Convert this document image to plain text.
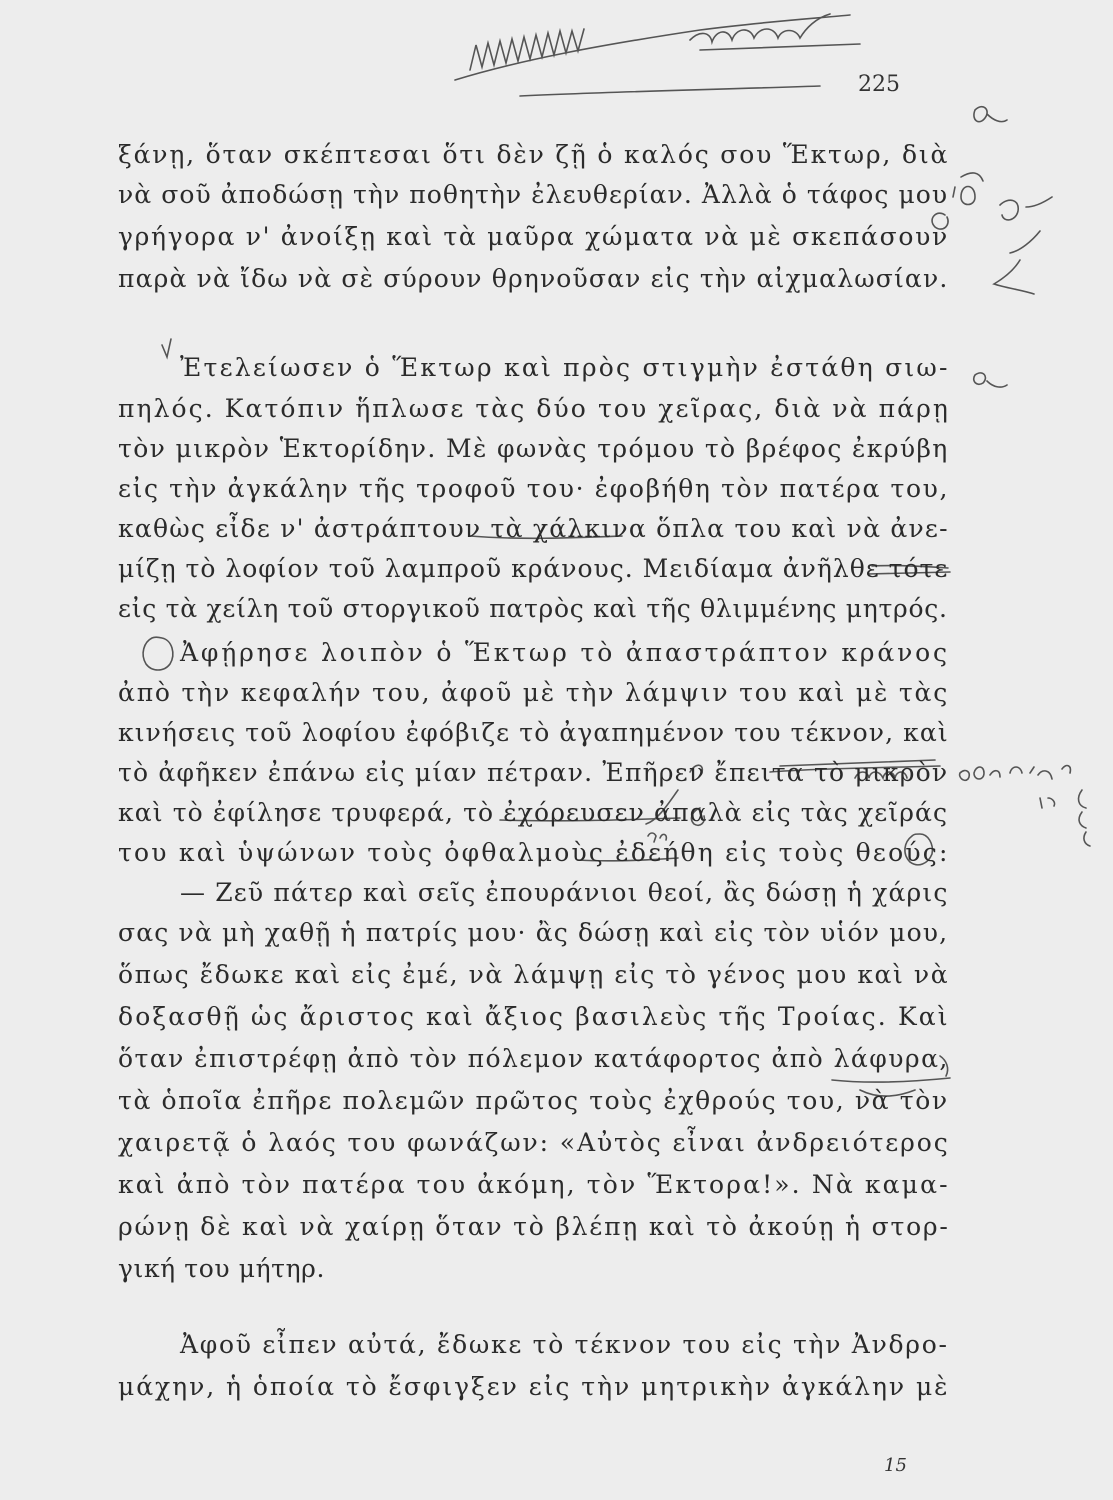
225
ξάνῃ, ὅταν σκέπτεσαι ὅτι δὲν ζῇ ὁ καλός σου Ἕκτωρ, διὰ
νὰ σοῦ ἀποδώσῃ τὴν ποθητὴν ἐλευθερίαν. Ἀλλὰ ὁ τάφος μου
γρήγορα ν' ἀνοίξῃ καὶ τὰ μαῦρα χώματα νὰ μὲ σκεπάσουν
παρὰ νὰ ἴδω νὰ σὲ σύρουν θρηνοῦσαν εἰς τὴν αἰχμαλωσίαν.
Ἐτελείωσεν ὁ Ἕκτωρ καὶ πρὸς στιγμὴν ἐστάθη σιω-
πηλός. Κατόπιν ἥπλωσε τὰς δύο του χεῖρας, διὰ νὰ πάρῃ
τὸν μικρὸν Ἑκτορίδην. Μὲ φωνὰς τρόμου τὸ βρέφος ἐκρύβη
εἰς τὴν ἀγκάλην τῆς τροφοῦ του· ἐφοβήθη τὸν πατέρα του,
καθὼς εἶδε ν' ἀστράπτουν τὰ χάλκινα ὅπλα του καὶ νὰ ἀνε-
μίζῃ τὸ λοφίον τοῦ λαμπροῦ κράνους. Μειδίαμα ἀνῆλθε τότε
εἰς τὰ χείλη τοῦ στοργικοῦ πατρὸς καὶ τῆς θλιμμένης μητρός.
Ἀφῄρησε λοιπὸν ὁ Ἕκτωρ τὸ ἀπαστράπτον κράνος
ἀπὸ τὴν κεφαλήν του, ἀφοῦ μὲ τὴν λάμψιν του καὶ μὲ τὰς
κινήσεις τοῦ λοφίου ἐφόβιζε τὸ ἀγαπημένον του τέκνον, καὶ
τὸ ἀφῆκεν ἐπάνω εἰς μίαν πέτραν. Ἐπῆρεν ἔπειτα τὸ μικρὸν
καὶ τὸ ἐφίλησε τρυφερά, τὸ ἐχόρευσεν ἀπαλὰ εἰς τὰς χεῖράς
του καὶ ὑψώνων τοὺς ὀφθαλμοὺς ἐδεήθη εἰς τοὺς θεούς:
— Ζεῦ πάτερ καὶ σεῖς ἐπουράνιοι θεοί, ἂς δώσῃ ἡ χάρις
σας νὰ μὴ χαθῇ ἡ πατρίς μου· ἂς δώσῃ καὶ εἰς τὸν υἱόν μου,
ὅπως ἔδωκε καὶ εἰς ἐμέ, νὰ λάμψῃ εἰς τὸ γένος μου καὶ νὰ
δοξασθῇ ὡς ἄριστος καὶ ἄξιος βασιλεὺς τῆς Τροίας. Καὶ
ὅταν ἐπιστρέφῃ ἀπὸ τὸν πόλεμον κατάφορτος ἀπὸ λάφυρα,
τὰ ὁποῖα ἐπῆρε πολεμῶν πρῶτος τοὺς ἐχθρούς του, νὰ τὸν
χαιρετᾷ ὁ λαός του φωνάζων: «Αὐτὸς εἶναι ἀνδρειότερος
καὶ ἀπὸ τὸν πατέρα του ἀκόμη, τὸν Ἕκτορα!». Νὰ καμα-
ρώνῃ δὲ καὶ νὰ χαίρῃ ὅταν τὸ βλέπῃ καὶ τὸ ἀκούῃ ἡ στορ-
γική του μήτηρ.
Ἀφοῦ εἶπεν αὐτά, ἔδωκε τὸ τέκνον του εἰς τὴν Ἀνδρο-
μάχην, ἡ ὁποία τὸ ἔσφιγξεν εἰς τὴν μητρικὴν ἀγκάλην μὲ
15
